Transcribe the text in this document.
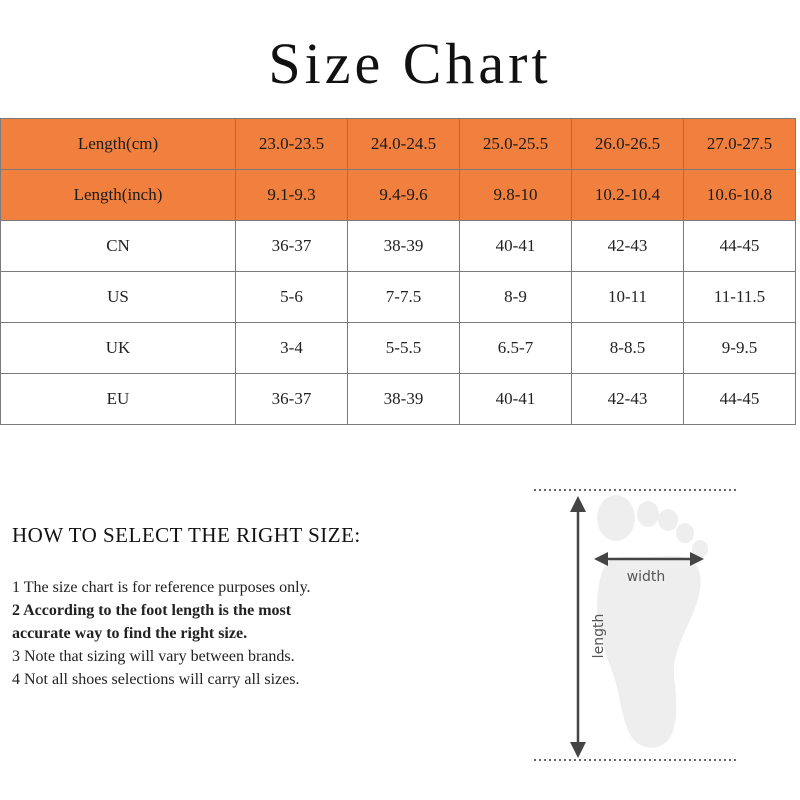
Size Chart
Length(cm)	23.0-23.5	24.0-24.5	25.0-25.5	26.0-26.5	27.0-27.5
Length(inch)	9.1-9.3	9.4-9.6	9.8-10	10.2-10.4	10.6-10.8
CN	36-37	38-39	40-41	42-43	44-45
US	5-6	7-7.5	8-9	10-11	11-11.5
UK	3-4	5-5.5	6.5-7	8-8.5	9-9.5
EU	36-37	38-39	40-41	42-43	44-45
HOW TO SELECT THE RIGHT SIZE:
1 The size chart is for reference purposes only.
2 According to the foot length is the most
accurate way to find the right size.
3 Note that sizing will vary between brands.
4 Not all shoes selections will carry all sizes.
width
length
